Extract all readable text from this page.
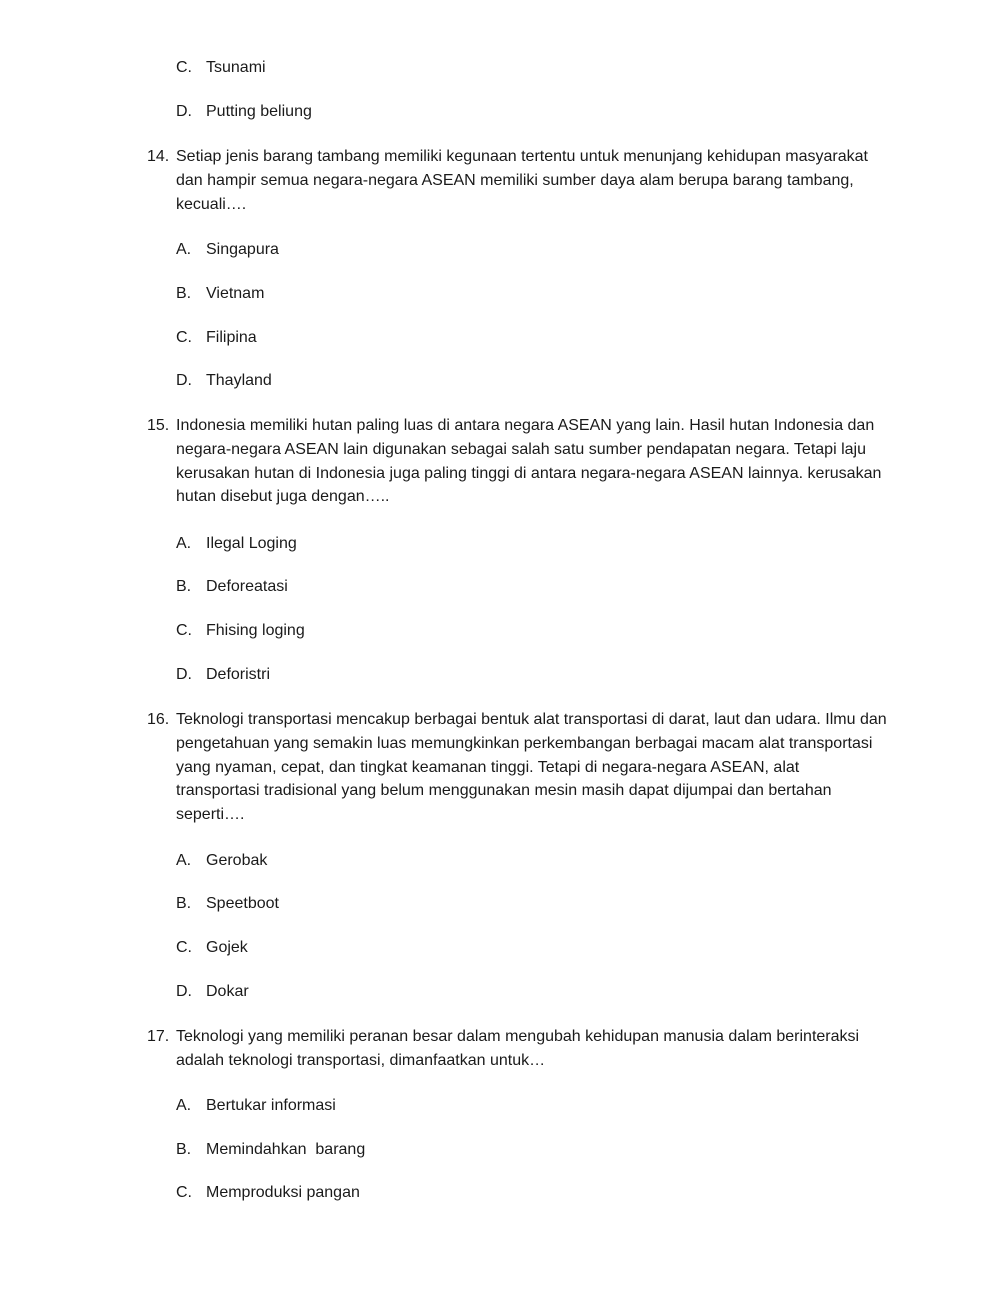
C. Tsunami
D. Putting beliung
14. Setiap jenis barang tambang memiliki kegunaan tertentu untuk menunjang kehidupan masyarakat dan hampir semua negara-negara ASEAN memiliki sumber daya alam berupa barang tambang, kecuali….
A. Singapura
B. Vietnam
C. Filipina
D. Thayland
15. Indonesia memiliki hutan paling luas di antara negara ASEAN yang lain. Hasil hutan Indonesia dan negara-negara ASEAN lain digunakan sebagai salah satu sumber pendapatan negara. Tetapi laju kerusakan hutan di Indonesia juga paling tinggi di antara negara-negara ASEAN lainnya. kerusakan hutan disebut juga dengan…..
A. Ilegal Loging
B. Deforeatasi
C. Fhising loging
D. Deforistri
16. Teknologi transportasi mencakup berbagai bentuk alat transportasi di darat, laut dan udara. Ilmu dan pengetahuan yang semakin luas memungkinkan perkembangan berbagai macam alat transportasi yang nyaman, cepat, dan tingkat keamanan tinggi. Tetapi di negara-negara ASEAN, alat transportasi tradisional yang belum menggunakan mesin masih dapat dijumpai dan bertahan seperti….
A. Gerobak
B. Speetboot
C. Gojek
D. Dokar
17. Teknologi yang memiliki peranan besar dalam mengubah kehidupan manusia dalam berinteraksi adalah teknologi transportasi, dimanfaatkan untuk…
A. Bertukar informasi
B. Memindahkan  barang
C. Memproduksi pangan
